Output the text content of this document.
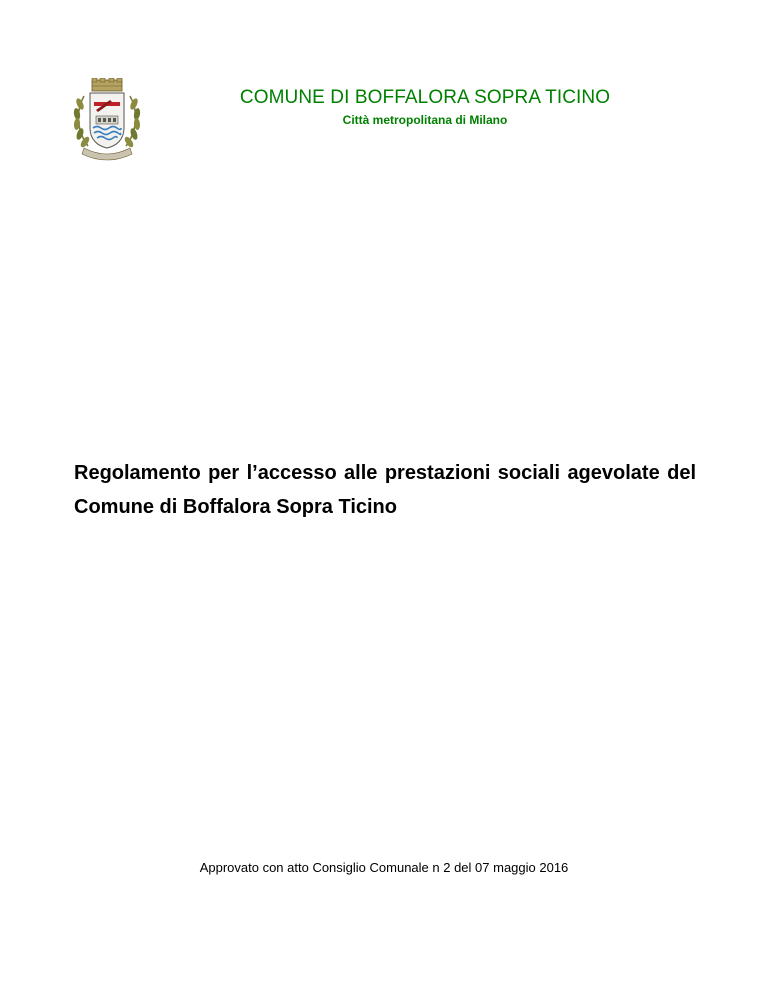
COMUNE DI BOFFALORA SOPRA TICINO
Città metropolitana di Milano
Regolamento per l’accesso alle prestazioni sociali agevolate del Comune di Boffalora Sopra Ticino
Approvato con atto Consiglio Comunale n 2 del 07 maggio 2016
